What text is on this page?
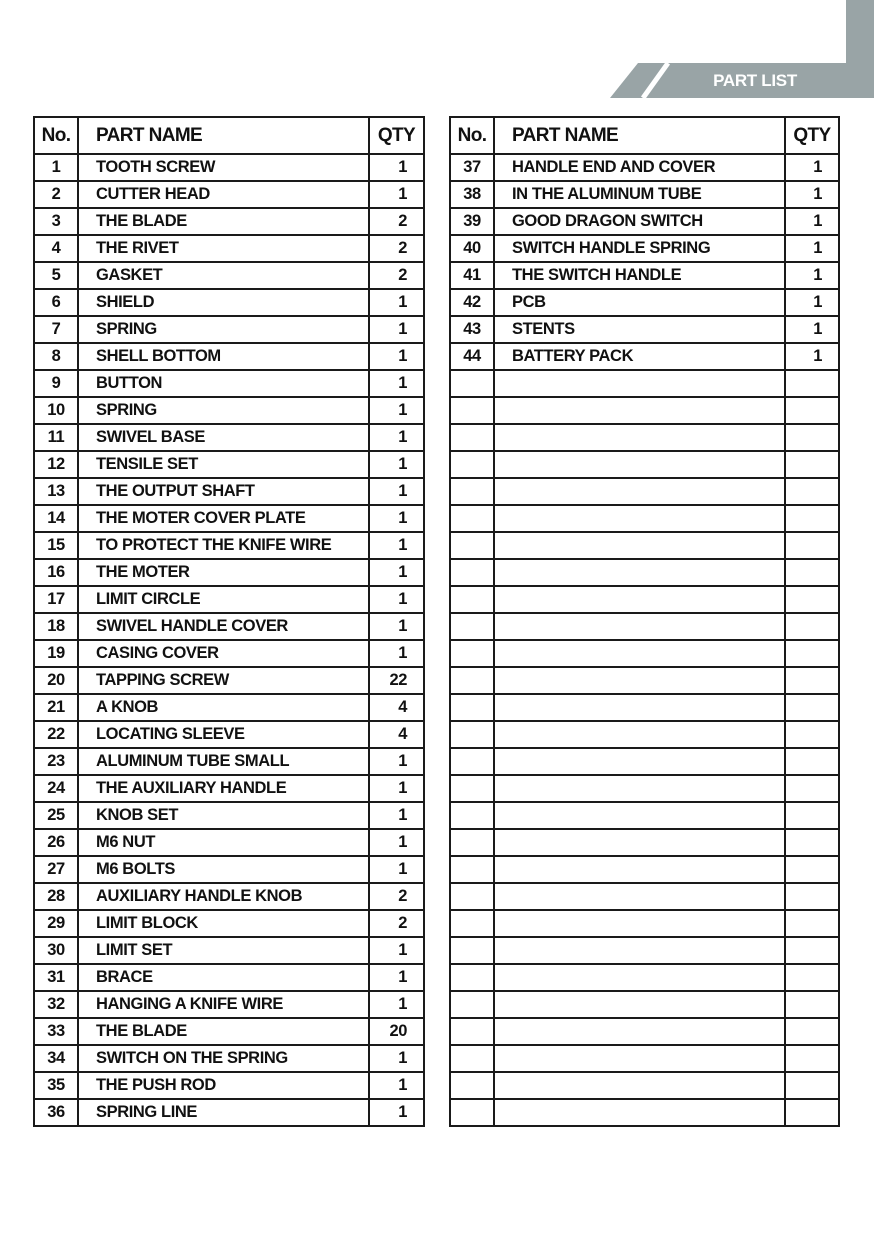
PART LIST
No.	PART NAME	QTY
1	TOOTH SCREW	1
2	CUTTER HEAD	1
3	THE BLADE	2
4	THE RIVET	2
5	GASKET	2
6	SHIELD	1
7	SPRING	1
8	SHELL BOTTOM	1
9	BUTTON	1
10	SPRING	1
11	SWIVEL BASE	1
12	TENSILE SET	1
13	THE OUTPUT SHAFT	1
14	THE MOTER COVER PLATE	1
15	TO PROTECT THE KNIFE WIRE	1
16	THE MOTER	1
17	LIMIT CIRCLE	1
18	SWIVEL HANDLE COVER	1
19	CASING COVER	1
20	TAPPING SCREW	22
21	A KNOB	4
22	LOCATING SLEEVE	4
23	ALUMINUM TUBE SMALL	1
24	THE AUXILIARY HANDLE	1
25	KNOB SET	1
26	M6 NUT	1
27	M6 BOLTS	1
28	AUXILIARY HANDLE KNOB	2
29	LIMIT BLOCK	2
30	LIMIT SET	1
31	BRACE	1
32	HANGING A KNIFE WIRE	1
33	THE BLADE	20
34	SWITCH ON THE SPRING	1
35	THE PUSH ROD	1
36	SPRING LINE	1
No.	PART NAME	QTY
37	HANDLE END AND COVER	1
38	IN THE ALUMINUM TUBE	1
39	GOOD DRAGON SWITCH	1
40	SWITCH HANDLE SPRING	1
41	THE SWITCH HANDLE	1
42	PCB	1
43	STENTS	1
44	BATTERY PACK	1
